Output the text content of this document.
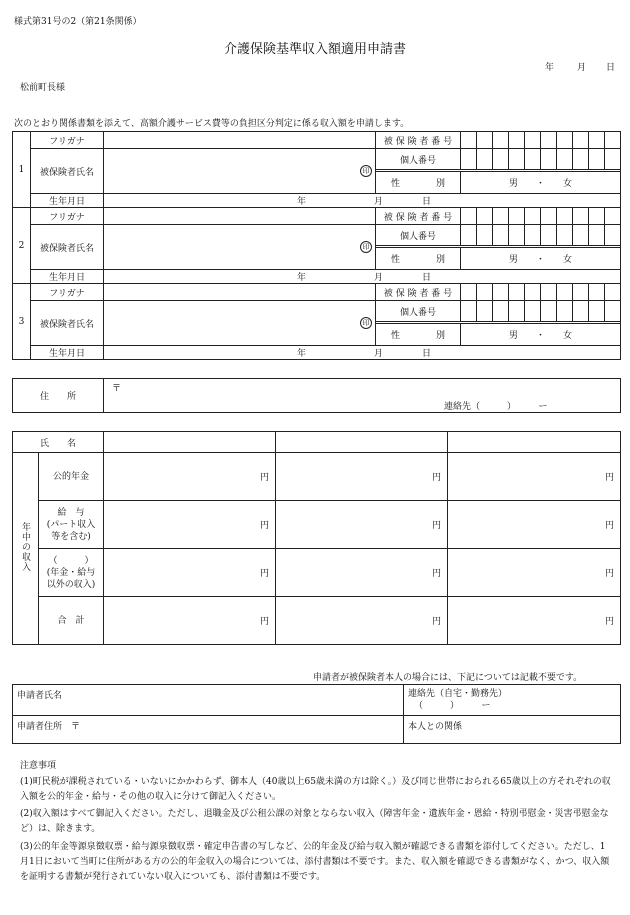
様式第31号の2（第21条関係）
介護保険基準収入額適用申請書
年	月 日
松前町長様
次のとおり関係書類を添えて、高額介護サービス費等の負担区分判定に係る収入額を申請します。
1	フリガナ		被 保 険 者 番 号										
	被保険者氏名	印	個人番号										

			性　　　　別	男　　・　　女									
	生年月日	年 月 日											

2	フリガナ		被 保 険 者 番 号										
	被保険者氏名	印	個人番号										

			性　　　　別	男　　・　　女									
	生年月日	年 月 日											

3	フリガナ		被 保 険 者 番 号										
	被保険者氏名	印	個人番号										

			性　　　　別	男　　・　　女									
	生年月日	年 月 日											
住　　所	
〒
連絡先（　　　）　　　ー
氏　　名				
年中の収入	公的年金	円	円	円
	給　与
(パート収入
等を含む)	円	円	円
	（　　　）
(年金・給与
以外の収入)	円	円	円
	合　計	円	円	円
申請者が被保険者本人の場合には、下記については記載不要です。
申請者氏名	連絡先（自宅・勤務先）
（　　　）　　　ー

申請者住所　〒	本人との関係
注意事項
(1)町民税が課税されている・いないにかかわらず、御本人（40歳以上65歳未満の方は除く。）及び同じ世帯におられる65歳以上の方それぞれの収入額を公的年金・給与・その他の収入に分けて御記入ください。
(2)収入額はすべて御記入ください。ただし、退職金及び公租公課の対象とならない収入（障害年金・遺族年金・恩給・特別弔慰金・災害弔慰金など）は、除きます。
(3)公的年金等源泉徴収票・給与源泉徴収票・確定申告書の写しなど、公的年金及び給与収入額が確認できる書類を添付してください。ただし、1月1日において当町に住所がある方の公的年金収入の場合については、添付書類は不要です。また、収入額を確認できる書類がなく、かつ、収入額を証明する書類が発行されていない収入についても、添付書類は不要です。
